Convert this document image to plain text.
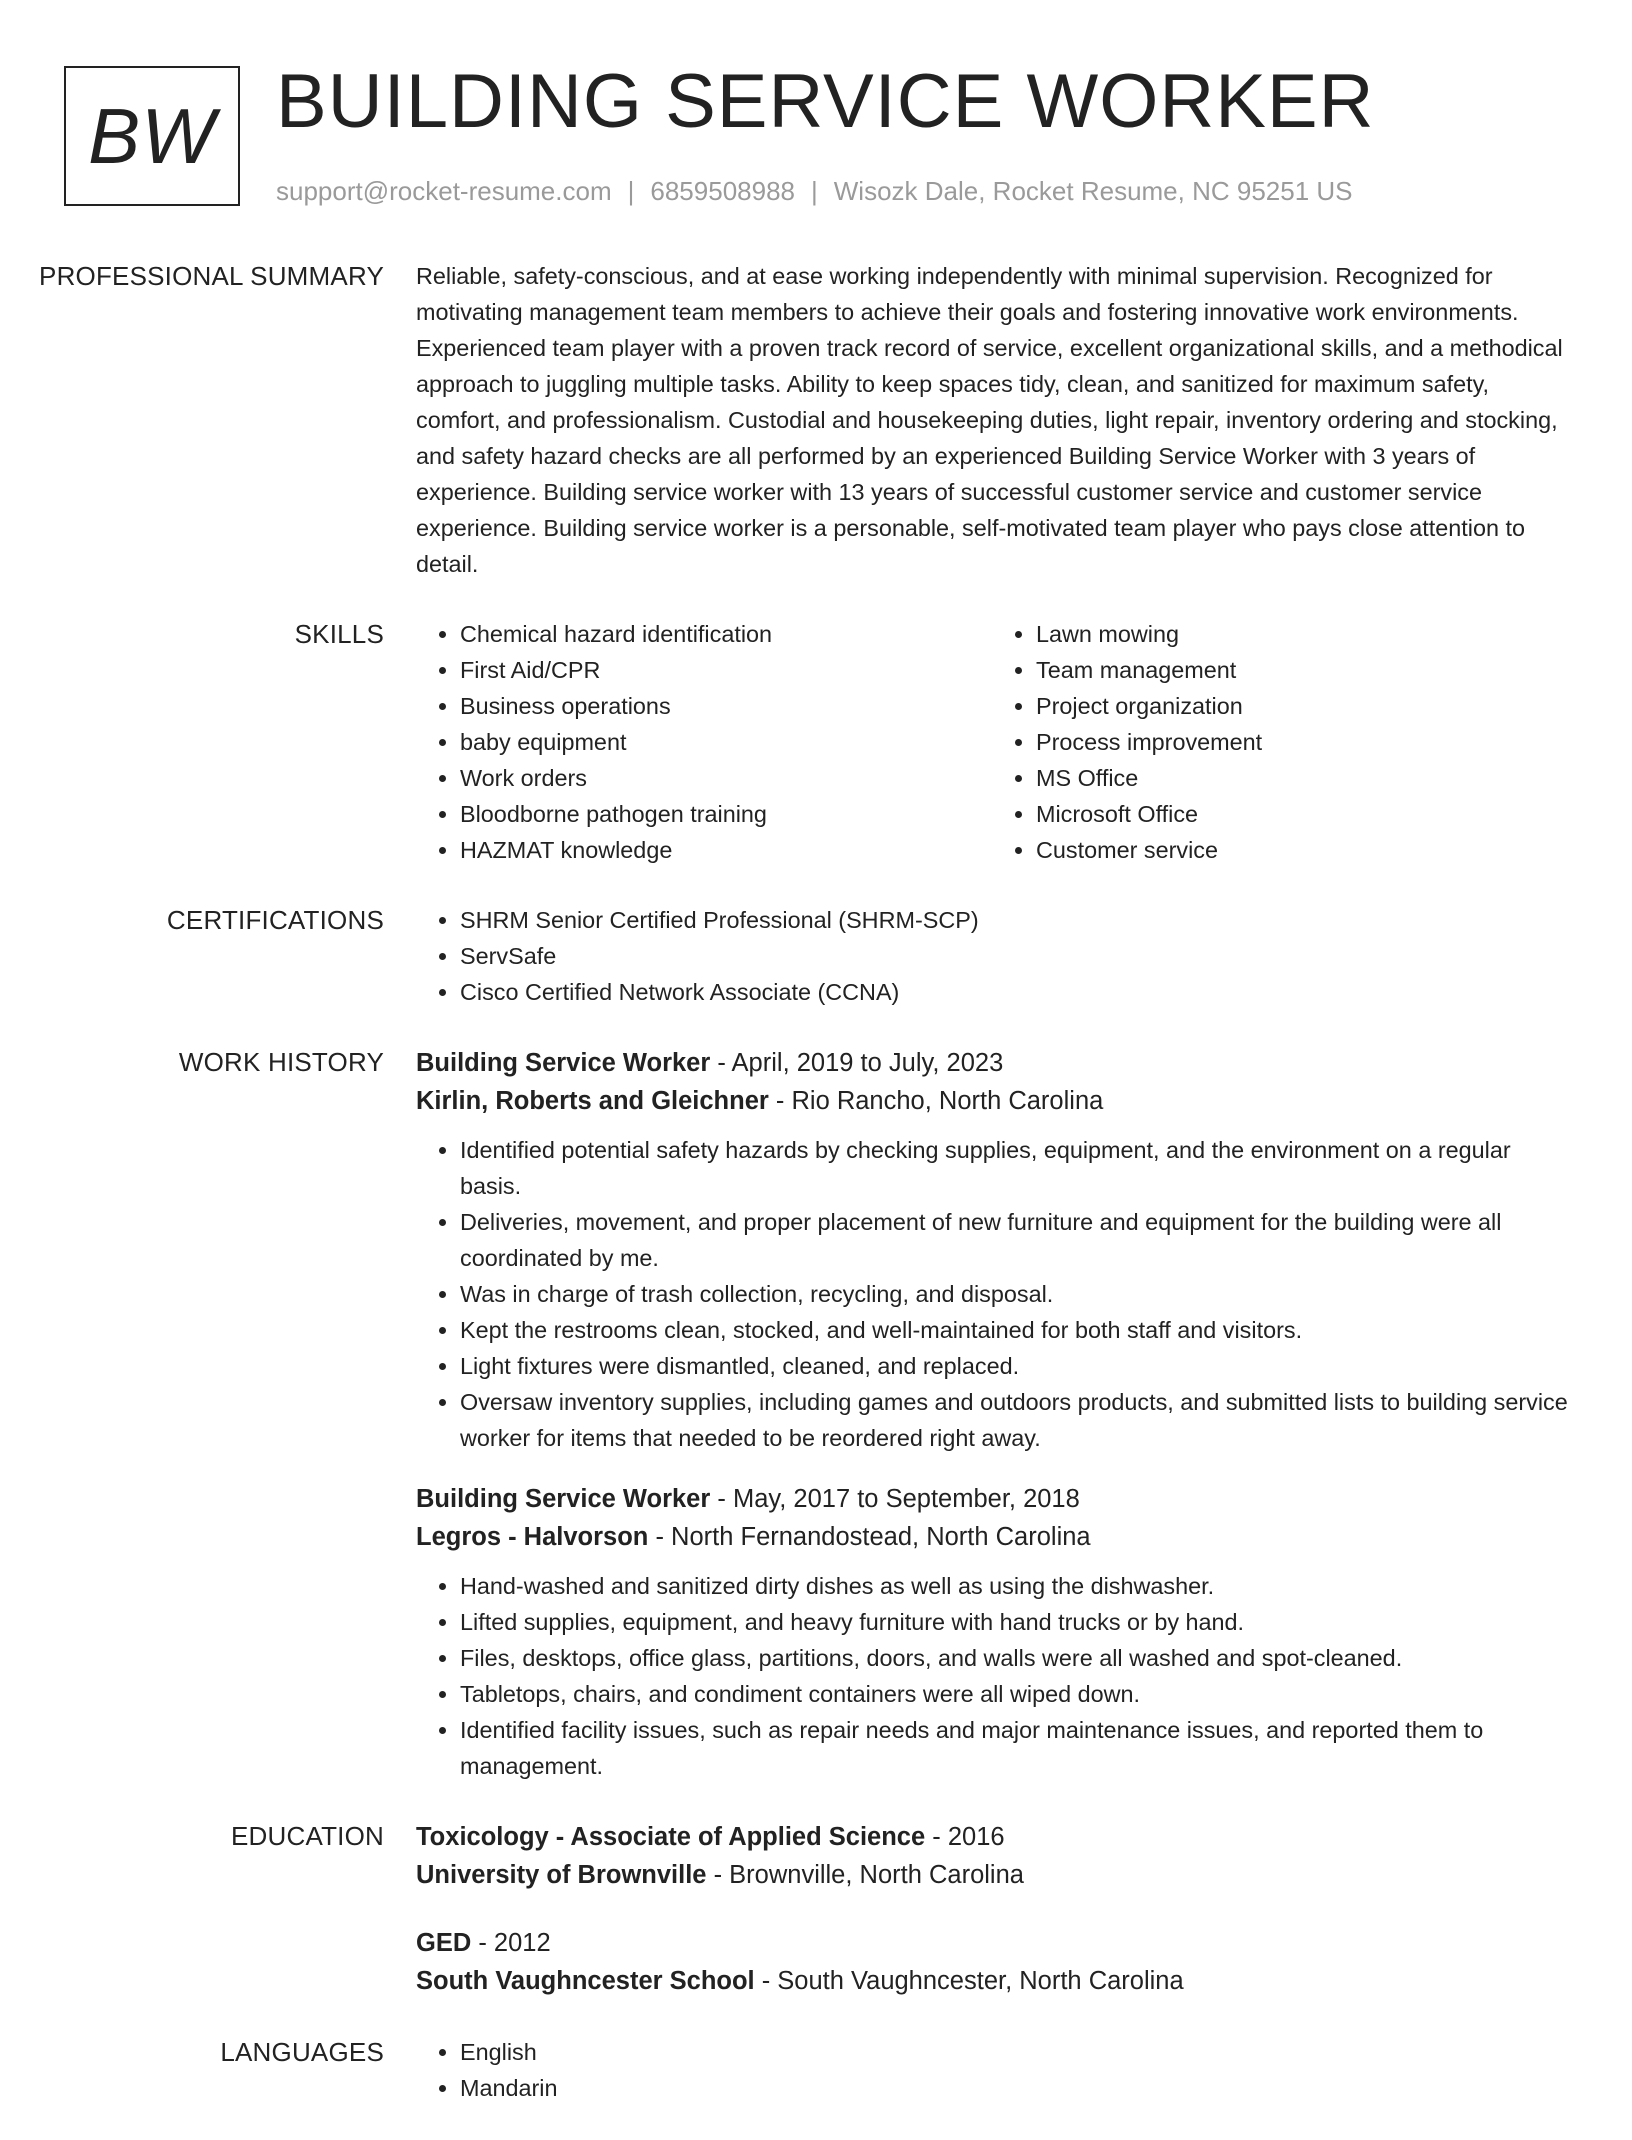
BW BUILDING SERVICE WORKER
support@rocket-resume.com | 6859508988 | Wisozk Dale, Rocket Resume, NC 95251 US
PROFESSIONAL SUMMARY	Reliable, safety-conscious, and at ease working independently with minimal supervision. Recognized for motivating management team members to achieve their goals and fostering innovative work environments. Experienced team player with a proven track record of service, excellent organizational skills, and a methodical approach to juggling multiple tasks. Ability to keep spaces tidy, clean, and sanitized for maximum safety, comfort, and professionalism. Custodial and housekeeping duties, light repair, inventory ordering and stocking, and safety hazard checks are all performed by an experienced Building Service Worker with 3 years of experience. Building service worker with 13 years of successful customer service and customer service experience. Building service worker is a personable, self-motivated team player who pays close attention to detail.

SKILLS	• Chemical hazard identification
• First Aid/CPR
• Business operations
• baby equipment
• Work orders
• Bloodborne pathogen training
• HAZMAT knowledge
• Lawn mowing
• Team management
• Project organization
• Process improvement
• MS Office
• Microsoft Office
• Customer service
CERTIFICATIONS	• SHRM Senior Certified Professional (SHRM-SCP)
• ServSafe
• Cisco Certified Network Associate (CCNA)
WORK HISTORY	Building Service Worker - April, 2019 to July, 2023
Kirlin, Roberts and Gleichner - Rio Rancho, North Carolina
• Identified potential safety hazards by checking supplies, equipment, and the environment on a regular basis.
• Deliveries, movement, and proper placement of new furniture and equipment for the building were all coordinated by me.
• Was in charge of trash collection, recycling, and disposal.
• Kept the restrooms clean, stocked, and well-maintained for both staff and visitors.
• Light fixtures were dismantled, cleaned, and replaced.
• Oversaw inventory supplies, including games and outdoors products, and submitted lists to building service worker for items that needed to be reordered right away.
Building Service Worker - May, 2017 to September, 2018
Legros - Halvorson - North Fernandostead, North Carolina
• Hand-washed and sanitized dirty dishes as well as using the dishwasher.
• Lifted supplies, equipment, and heavy furniture with hand trucks or by hand.
• Files, desktops, office glass, partitions, doors, and walls were all washed and spot-cleaned.
• Tabletops, chairs, and condiment containers were all wiped down.
• Identified facility issues, such as repair needs and major maintenance issues, and reported them to management.
EDUCATION	Toxicology - Associate of Applied Science - 2016
University of Brownville - Brownville, North Carolina
GED - 2012
South Vaughncester School - South Vaughncester, North Carolina
LANGUAGES	• English
• Mandarin
